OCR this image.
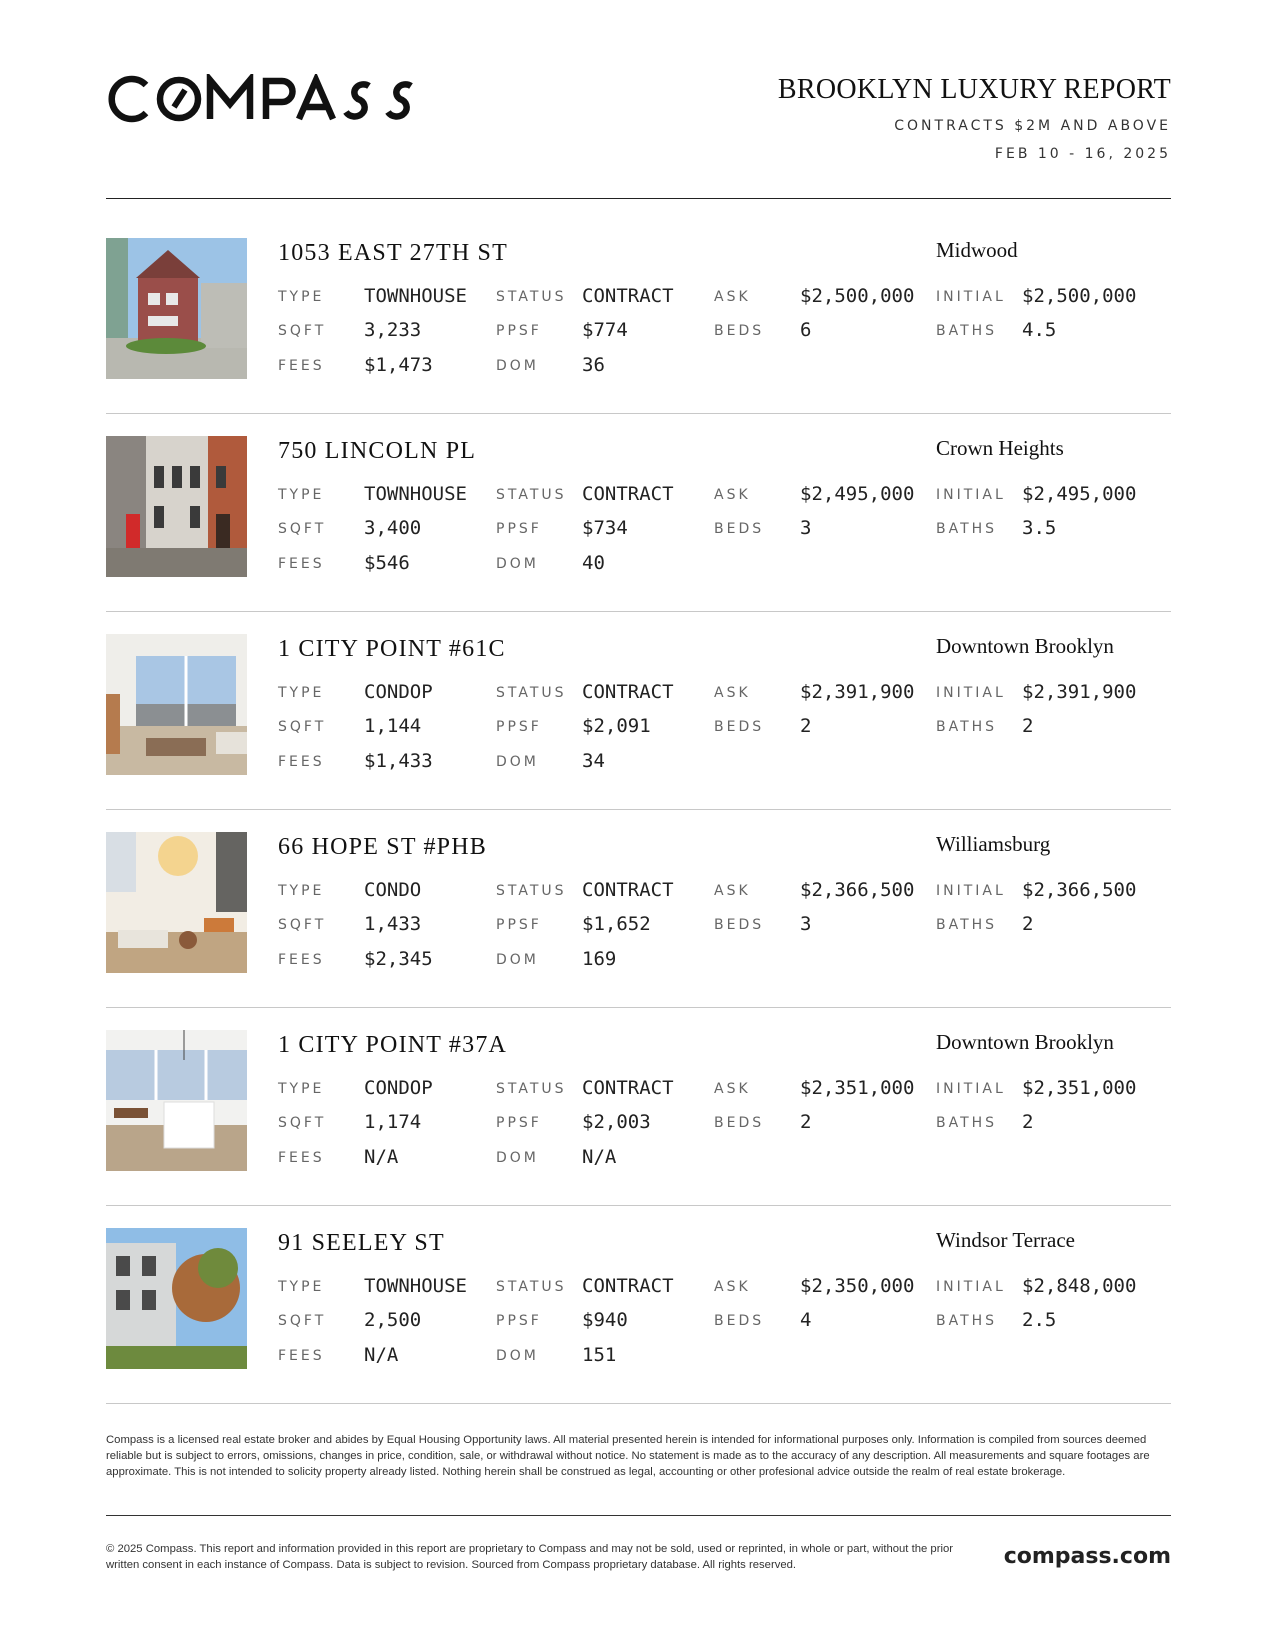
BROOKLYN LUXURY REPORT
CONTRACTS $2M AND ABOVE
FEB 10 - 16, 2025
1053 EAST 27TH ST	Midwood
TYPE TOWNHOUSE STATUS CONTRACT	ASK	$2,500,000 INITIAL $2,500,000
SQFT 3,233	PPSF $774	BEDS 6	BATHS 4.5
FEES $1,473	DOM 36
750 LINCOLN PL	Crown Heights
TYPE TOWNHOUSE STATUS CONTRACT	ASK	$2,495,000 INITIAL $2,495,000
SQFT 3,400	PPSF $734	BEDS 3	BATHS 3.5
FEES $546	DOM 40
1 CITY POINT #61C	Downtown Brooklyn
TYPE CONDOP	STATUS CONTRACT	ASK	$2,391,900 INITIAL $2,391,900
SQFT 1,144	PPSF $2,091	BEDS 2	BATHS 2
FEES $1,433	DOM 34
66 HOPE ST #PHB	Williamsburg
TYPE CONDO	STATUS CONTRACT	ASK	$2,366,500 INITIAL $2,366,500
SQFT 1,433	PPSF $1,652	BEDS 3	BATHS 2
FEES $2,345	DOM 169
1 CITY POINT #37A	Downtown Brooklyn
TYPE CONDOP	STATUS CONTRACT	ASK	$2,351,000 INITIAL $2,351,000
SQFT 1,174	PPSF $2,003	BEDS 2	BATHS 2
FEES N/A	DOM N/A
91 SEELEY ST	Windsor Terrace
TYPE TOWNHOUSE STATUS CONTRACT	ASK	$2,350,000 INITIAL $2,848,000
SQFT 2,500	PPSF $940	BEDS 4	BATHS 2.5
FEES N/A	DOM 151

Compass is a licensed real estate broker and abides by Equal Housing Opportunity laws. All material presented herein is intended for informational purposes only. Information is compiled from sources deemed reliable but is subject to errors, omissions, changes in price, condition, sale, or withdrawal without notice. No statement is made as to the accuracy of any description. All measurements and square footages are approximate. This is not intended to solicity property already listed. Nothing herein shall be construed as legal, accounting or other profesional advice outside the realm of real estate brokerage.

© 2025 Compass. This report and information provided in this report are proprietary to Compass and may not be sold, used or reprinted, in whole or part, without the prior written consent in each instance of Compass. Data is subject to revision. Sourced from Compass proprietary database. All rights reserved.	compass.com
